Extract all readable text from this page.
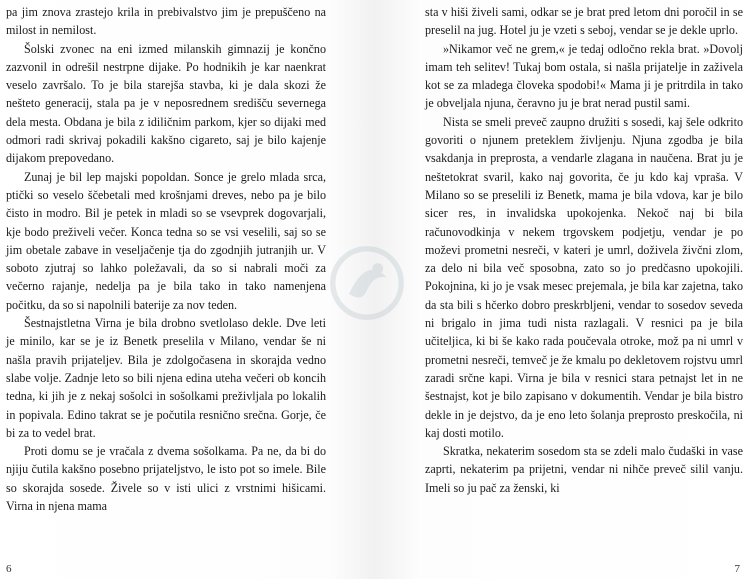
pa jim znova zrastejo krila in prebivalstvo jim je prepuščeno na milost in nemilost.

Šolski zvonec na eni izmed milanskih gimnazij je končno zazvonil in odrešil nestrpne dijake. Po hodnikih je kar naenkrat veselo završalo. To je bila starejša stavba, ki je dala skozi že nešteto generacij, stala pa je v neposrednem središču severnega dela mesta. Obdana je bila z idiličnim parkom, kjer so dijaki med odmori radi skrivaj pokadili kakšno cigareto, saj je bilo kajenje dijakom prepovedano.

Zunaj je bil lep majski popoldan. Sonce je grelo mlada srca, ptički so veselo ščebetali med krošnjami dreves, nebo pa je bilo čisto in modro. Bil je petek in mladi so se vsevprek dogovarjali, kje bodo preživeli večer. Konca tedna so se vsi veselili, saj so se jim obetale zabave in veseljačenje tja do zgodnjih jutranjih ur. V soboto zjutraj so lahko poležavali, da so si nabrali moči za večerno rajanje, nedelja pa je bila tako in tako namenjena počitku, da so si napolnili baterije za nov teden.

Šestnajstletna Virna je bila drobno svetlolaso dekle. Dve leti je minilo, kar se je iz Benetk preselila v Milano, vendar še ni našla pravih prijateljev. Bila je zdolgočasena in skorajda vedno slabe volje. Zadnje leto so bili njena edina uteha večeri ob koncih tedna, ki jih je z nekaj sošolci in sošolkami preživljala po lokalih in popivala. Edino takrat se je počutila resnično srečna. Gorje, če bi za to vedel brat.

Proti domu se je vračala z dvema sošolkama. Pa ne, da bi do njiju čutila kakšno posebno prijateljstvo, le isto pot so imele. Bile so skorajda sosede. Živele so v isti ulici z vrstnimi hišicami. Virna in njena mama

6

sta v hiši živeli sami, odkar se je brat pred letom dni poročil in se preselil na jug. Hotel ju je vzeti s seboj, vendar se je dekle uprlo.

»Nikamor več ne grem,« je tedaj odločno rekla brat. »Dovolj imam teh selitev! Tukaj bom ostala, si našla prijatelje in zaživela kot se za mladega človeka spodobi!« Mama ji je pritrdila in tako je obveljala njuna, čeravno ju je brat nerad pustil sami.

Nista se smeli preveč zaupno družiti s sosedi, kaj šele odkrito govoriti o njunem preteklem življenju. Njuna zgodba je bila vsakdanja in preprosta, a vendarle zlagana in naučena. Brat ju je neštetokrat svaril, kako naj govorita, če ju kdo kaj vpraša. V Milano so se preselili iz Benetk, mama je bila vdova, kar je bilo sicer res, in invalidska upokojenka. Nekoč naj bi bila računovodkinja v nekem trgovskem podjetju, vendar je po moževi prometni nesreči, v kateri je umrl, doživela živčni zlom, za delo ni bila več sposobna, zato so jo predčasno upokojili. Pokojnina, ki jo je vsak mesec prejemala, je bila kar zajetna, tako da sta bili s hčerko dobro preskrbljeni, vendar to sosedov seveda ni brigalo in jima tudi nista razlagali. V resnici pa je bila učiteljica, ki bi še kako rada poučevala otroke, mož pa ni umrl v prometni nesreči, temveč je že kmalu po dekletovem rojstvu umrl zaradi srčne kapi. Virna je bila v resnici stara petnajst let in ne šestnajst, kot je bilo zapisano v dokumentih. Vendar je bila bistro dekle in je dejstvo, da je eno leto šolanja preprosto preskočila, ni kaj dosti motilo.

Skratka, nekaterim sosedom sta se zdeli malo čudaški in vase zaprti, nekaterim pa prijetni, vendar ni nihče preveč silil vanju. Imeli so ju pač za ženski, ki

7
